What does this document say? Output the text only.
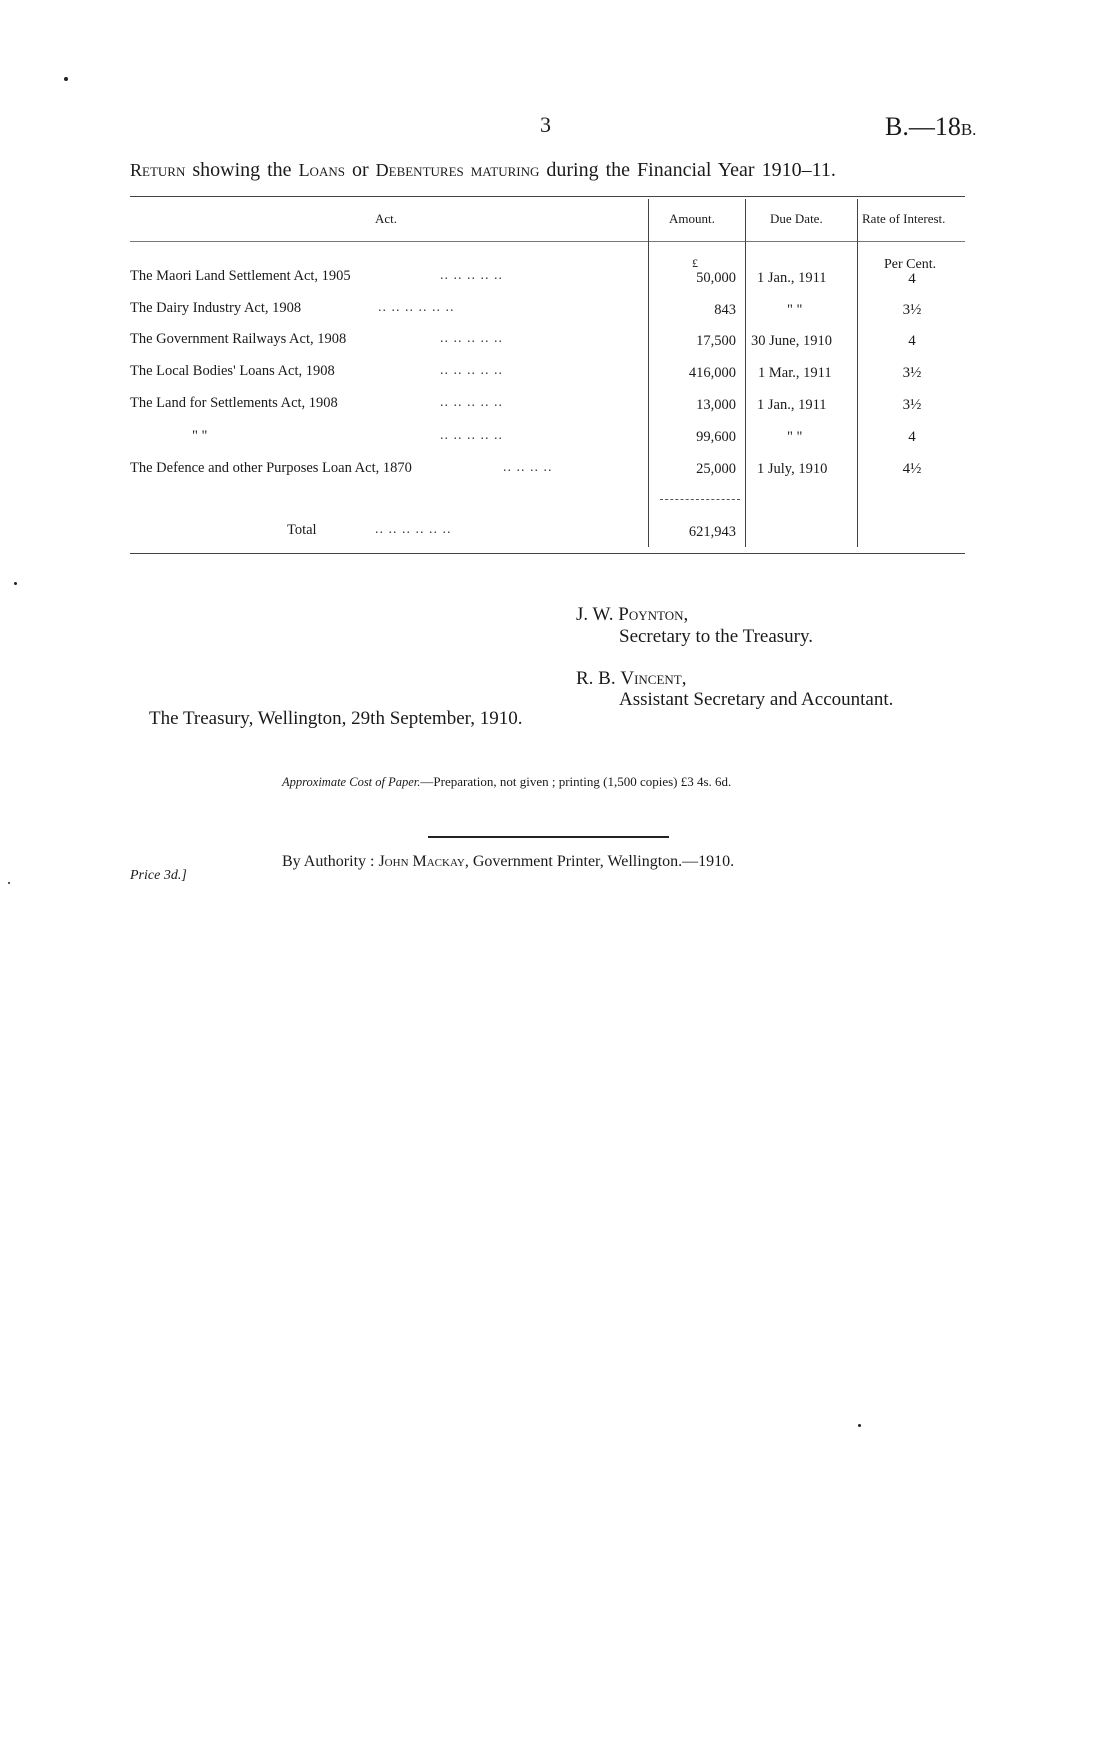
3	B.—18B.
Return showing the Loans or Debentures maturing during the Financial Year 1910–11.
Act.	Amount.	Due Date.	Rate of Interest.
£	Per Cent.
The Maori Land Settlement Act, 1905	.. .. .. .. ..	50,000 1 Jan., 1911	4
The Dairy Industry Act, 1908	.. .. .. .. .. ..	843	" "	3½
The Government Railways Act, 1908	.. .. .. .. ..	17,500 30 June, 1910	4
The Local Bodies' Loans Act, 1908	.. .. .. .. ..	416,000 1 Mar., 1911	3½
The Land for Settlements Act, 1908	.. .. .. .. ..	13,000 1 Jan., 1911	3½
" "	.. .. .. .. ..	99,600	" "	4
The Defence and other Purposes Loan Act, 1870	.. .. .. ..	25,000 1 July, 1910	4½
Total	.. .. .. .. .. ..	621,943
J. W. Poynton,
Secretary to the Treasury.
R. B. Vincent,
Assistant Secretary and Accountant.
The Treasury, Wellington, 29th September, 1910.
Approximate Cost of Paper.—Preparation, not given ; printing (1,500 copies) £3 4s. 6d.
Price 3d.]
By Authority : John Mackay, Government Printer, Wellington.—1910.
